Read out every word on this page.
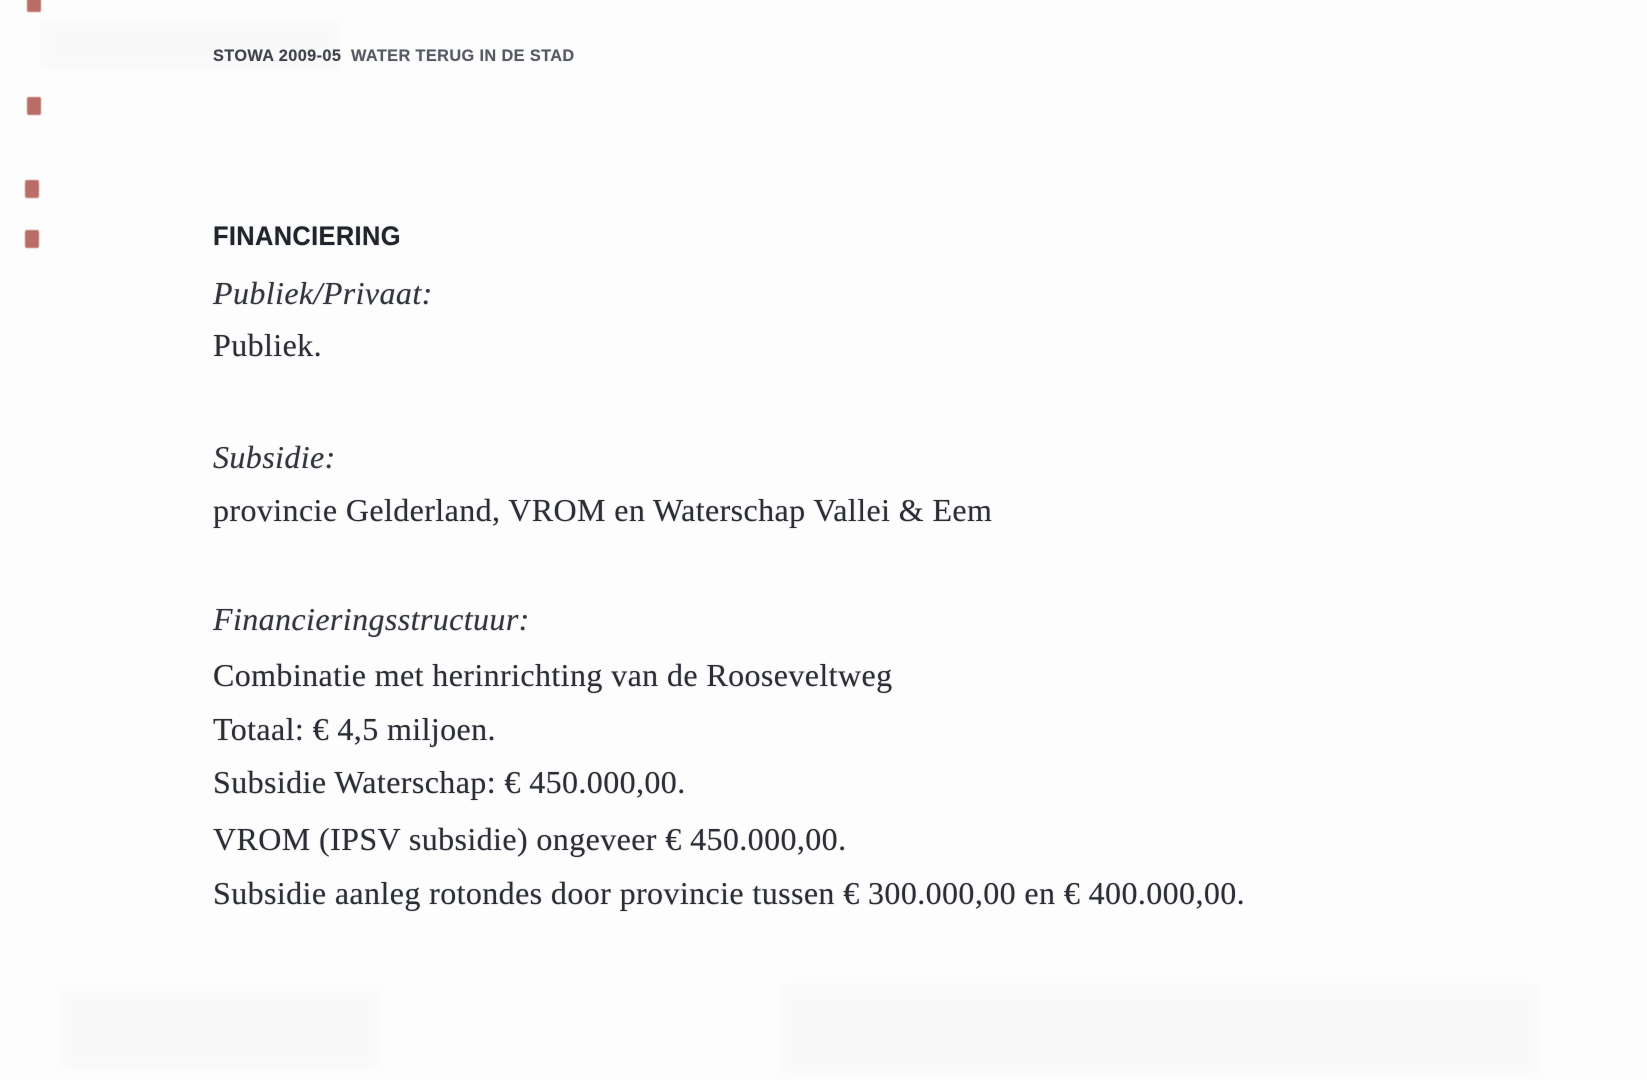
STOWA 2009-05 WATER TERUG IN DE STAD
FINANCIERING
Publiek/Privaat:
Publiek.
Subsidie:
provincie Gelderland, VROM en Waterschap Vallei & Eem
Financieringsstructuur:
Combinatie met herinrichting van de Rooseveltweg
Totaal: € 4,5 miljoen.
Subsidie Waterschap: € 450.000,00.
VROM (IPSV subsidie) ongeveer € 450.000,00.
Subsidie aanleg rotondes door provincie tussen € 300.000,00 en € 400.000,00.
